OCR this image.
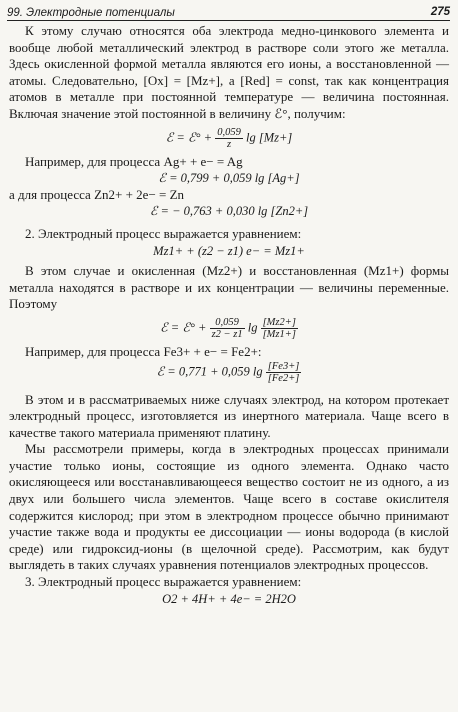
99. Электродные потенциалы	275

К этому случаю относятся оба электрода медно-цинкового элемента и вообще любой металлический электрод в растворе соли этого же металла. Здесь окисленной формой металла являются его ионы, а восстановленной — атомы. Следовательно, [Ox] = [Mz+], а [Red] = const, так как концентрация атомов в металле при постоянной температуре — величина постоянная. Включая значение этой постоянной в величину ℰ°, получим:

ℰ = ℰ° + $\frac{0,059}{z}$ lg [Mz+]

Например, для процесса Ag+ + e− = Ag

ℰ = 0,799 + 0,059 lg [Ag+]

а для процесса Zn2+ + 2e− = Zn

ℰ = − 0,763 + 0,030 lg [Zn2+]

2. Электродный процесс выражается уравнением:

Mz1+ + (z2 − z1) e− = Mz1+

В этом случае и окисленная (Mz2+) и восстановленная (Mz1+) формы металла находятся в растворе и их концентрации — величины переменные. Поэтому

ℰ = ℰ° + $\frac{0,059}{z2 - z1}$ $\lg \frac{[Mz2+]}{[Mz1+]}$

Например, для процесса Fe3+ + e− = Fe2+:

ℰ = 0,771 + 0,059 $\lg \frac{[Fe3+]}{[Fe2+]}$

В этом и в рассматриваемых ниже случаях электрод, на котором протекает электродный процесс, изготовляется из инертного материала. Чаще всего в качестве такого материала применяют платину.

Мы рассмотрели примеры, когда в электродных процессах принимали участие только ионы, состоящие из одного элемента. Однако часто окисляющееся или восстанавливающееся вещество состоит не из одного, а из двух или большего числа элементов. Чаще всего в составе окислителя содержится кислород; при этом в электродном процессе обычно принимают участие также вода и продукты ее диссоциации — ионы водорода (в кислой среде) или гидроксид-ионы (в щелочной среде). Рассмотрим, как будут выглядеть в таких случаях уравнения потенциалов электродных процессов.

3. Электродный процесс выражается уравнением:

O2 + 4H+ + 4e− = 2H2O
